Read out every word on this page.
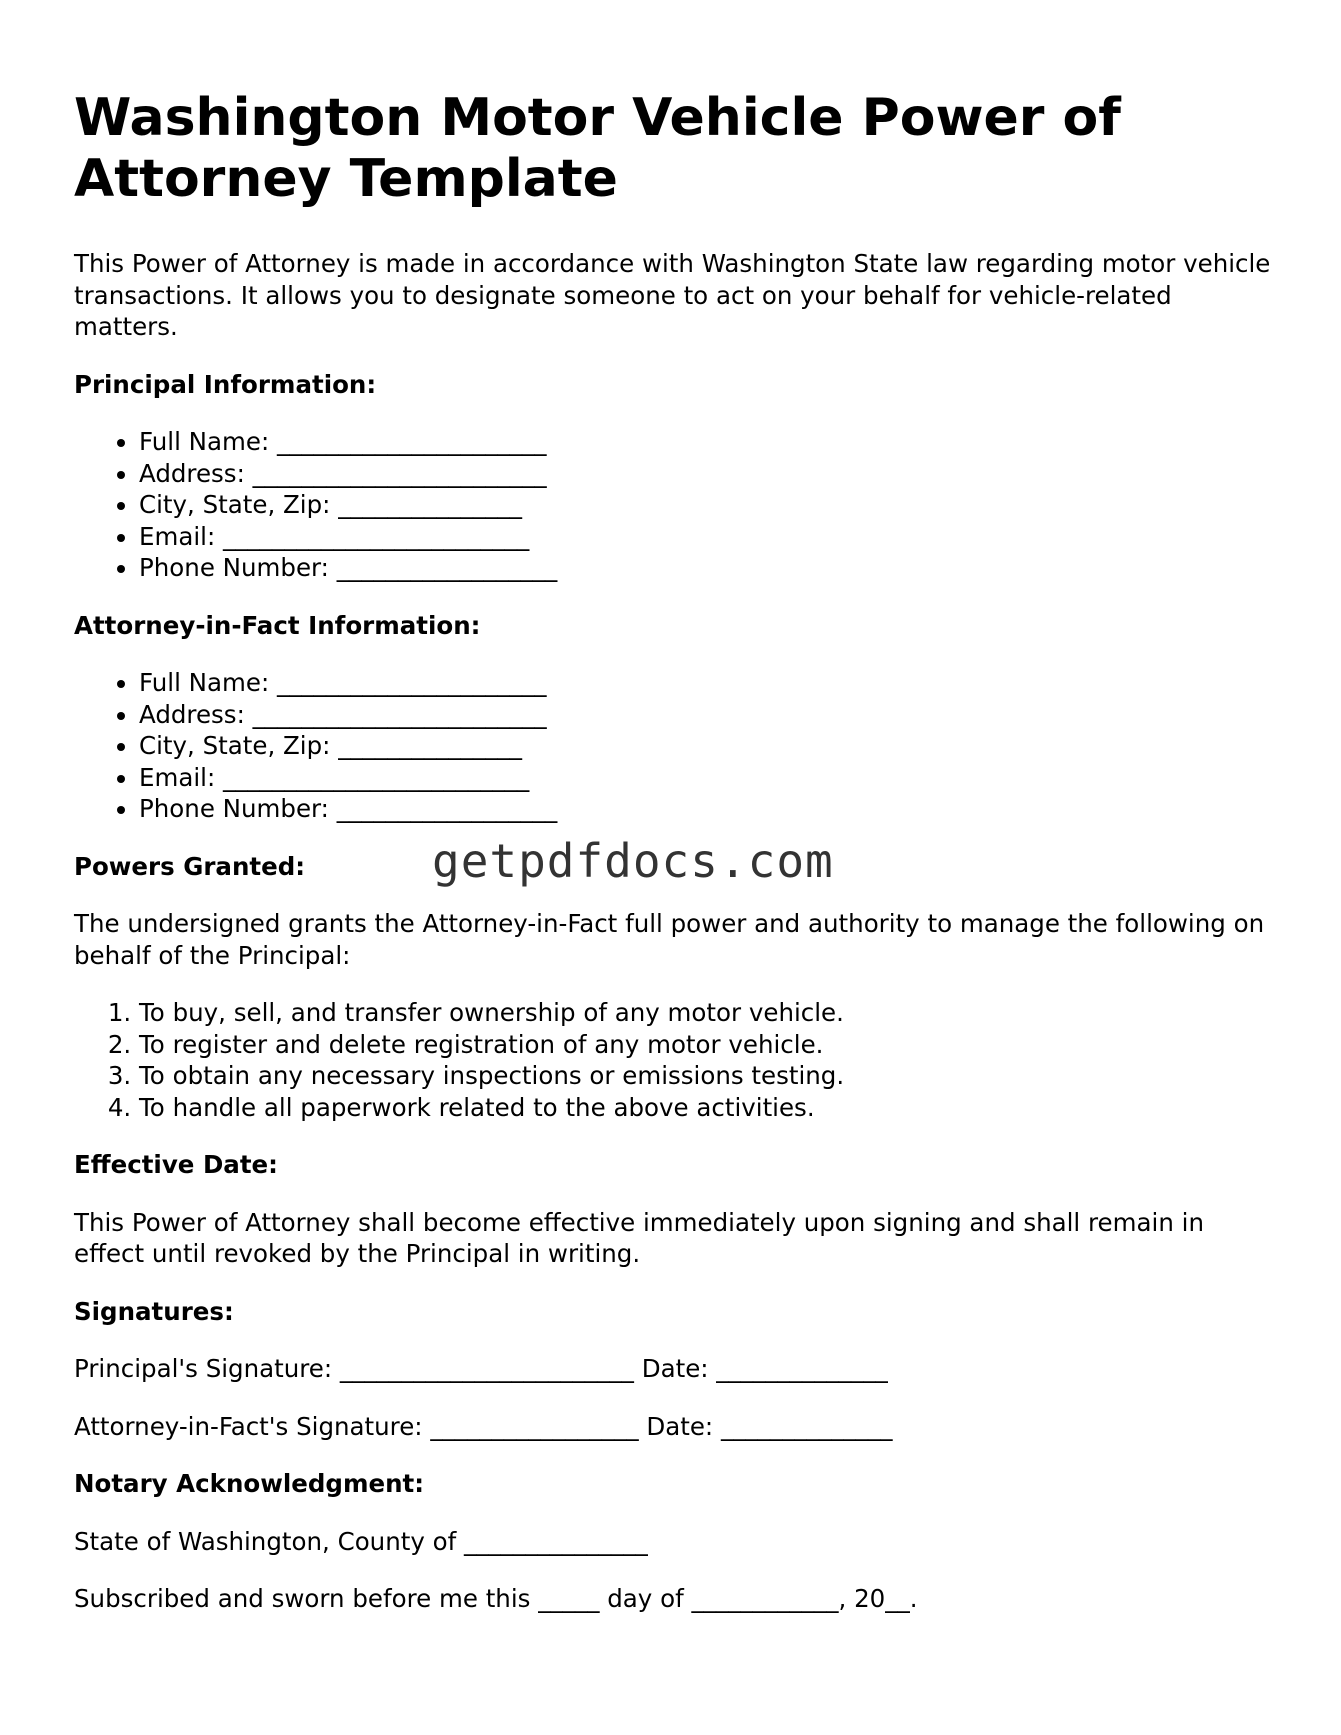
Washington Motor Vehicle Power of Attorney Template

This Power of Attorney is made in accordance with Washington State law regarding motor vehicle transactions. It allows you to designate someone to act on your behalf for vehicle-related matters.

Principal Information:
• Full Name: ______________________
• Address: ________________________
• City, State, Zip: _______________
• Email: _________________________
• Phone Number: __________________
Attorney-in-Fact Information:
• Full Name: ______________________
• Address: ________________________
• City, State, Zip: _______________
• Email: _________________________
• Phone Number: __________________
Powers Granted:	getpdfdocs.com

The undersigned grants the Attorney-in-Fact full power and authority to manage the following on behalf of the Principal:

1. To buy, sell, and transfer ownership of any motor vehicle.
2. To register and delete registration of any motor vehicle.
3. To obtain any necessary inspections or emissions testing.
4. To handle all paperwork related to the above activities.
Effective Date:

This Power of Attorney shall become effective immediately upon signing and shall remain in effect until revoked by the Principal in writing.

Signatures:
Principal's Signature: ________________________ Date: ______________
Attorney-in-Fact's Signature: _________________ Date: ______________
Notary Acknowledgment:
State of Washington, County of _______________
Subscribed and sworn before me this _____ day of ____________, 20__.
